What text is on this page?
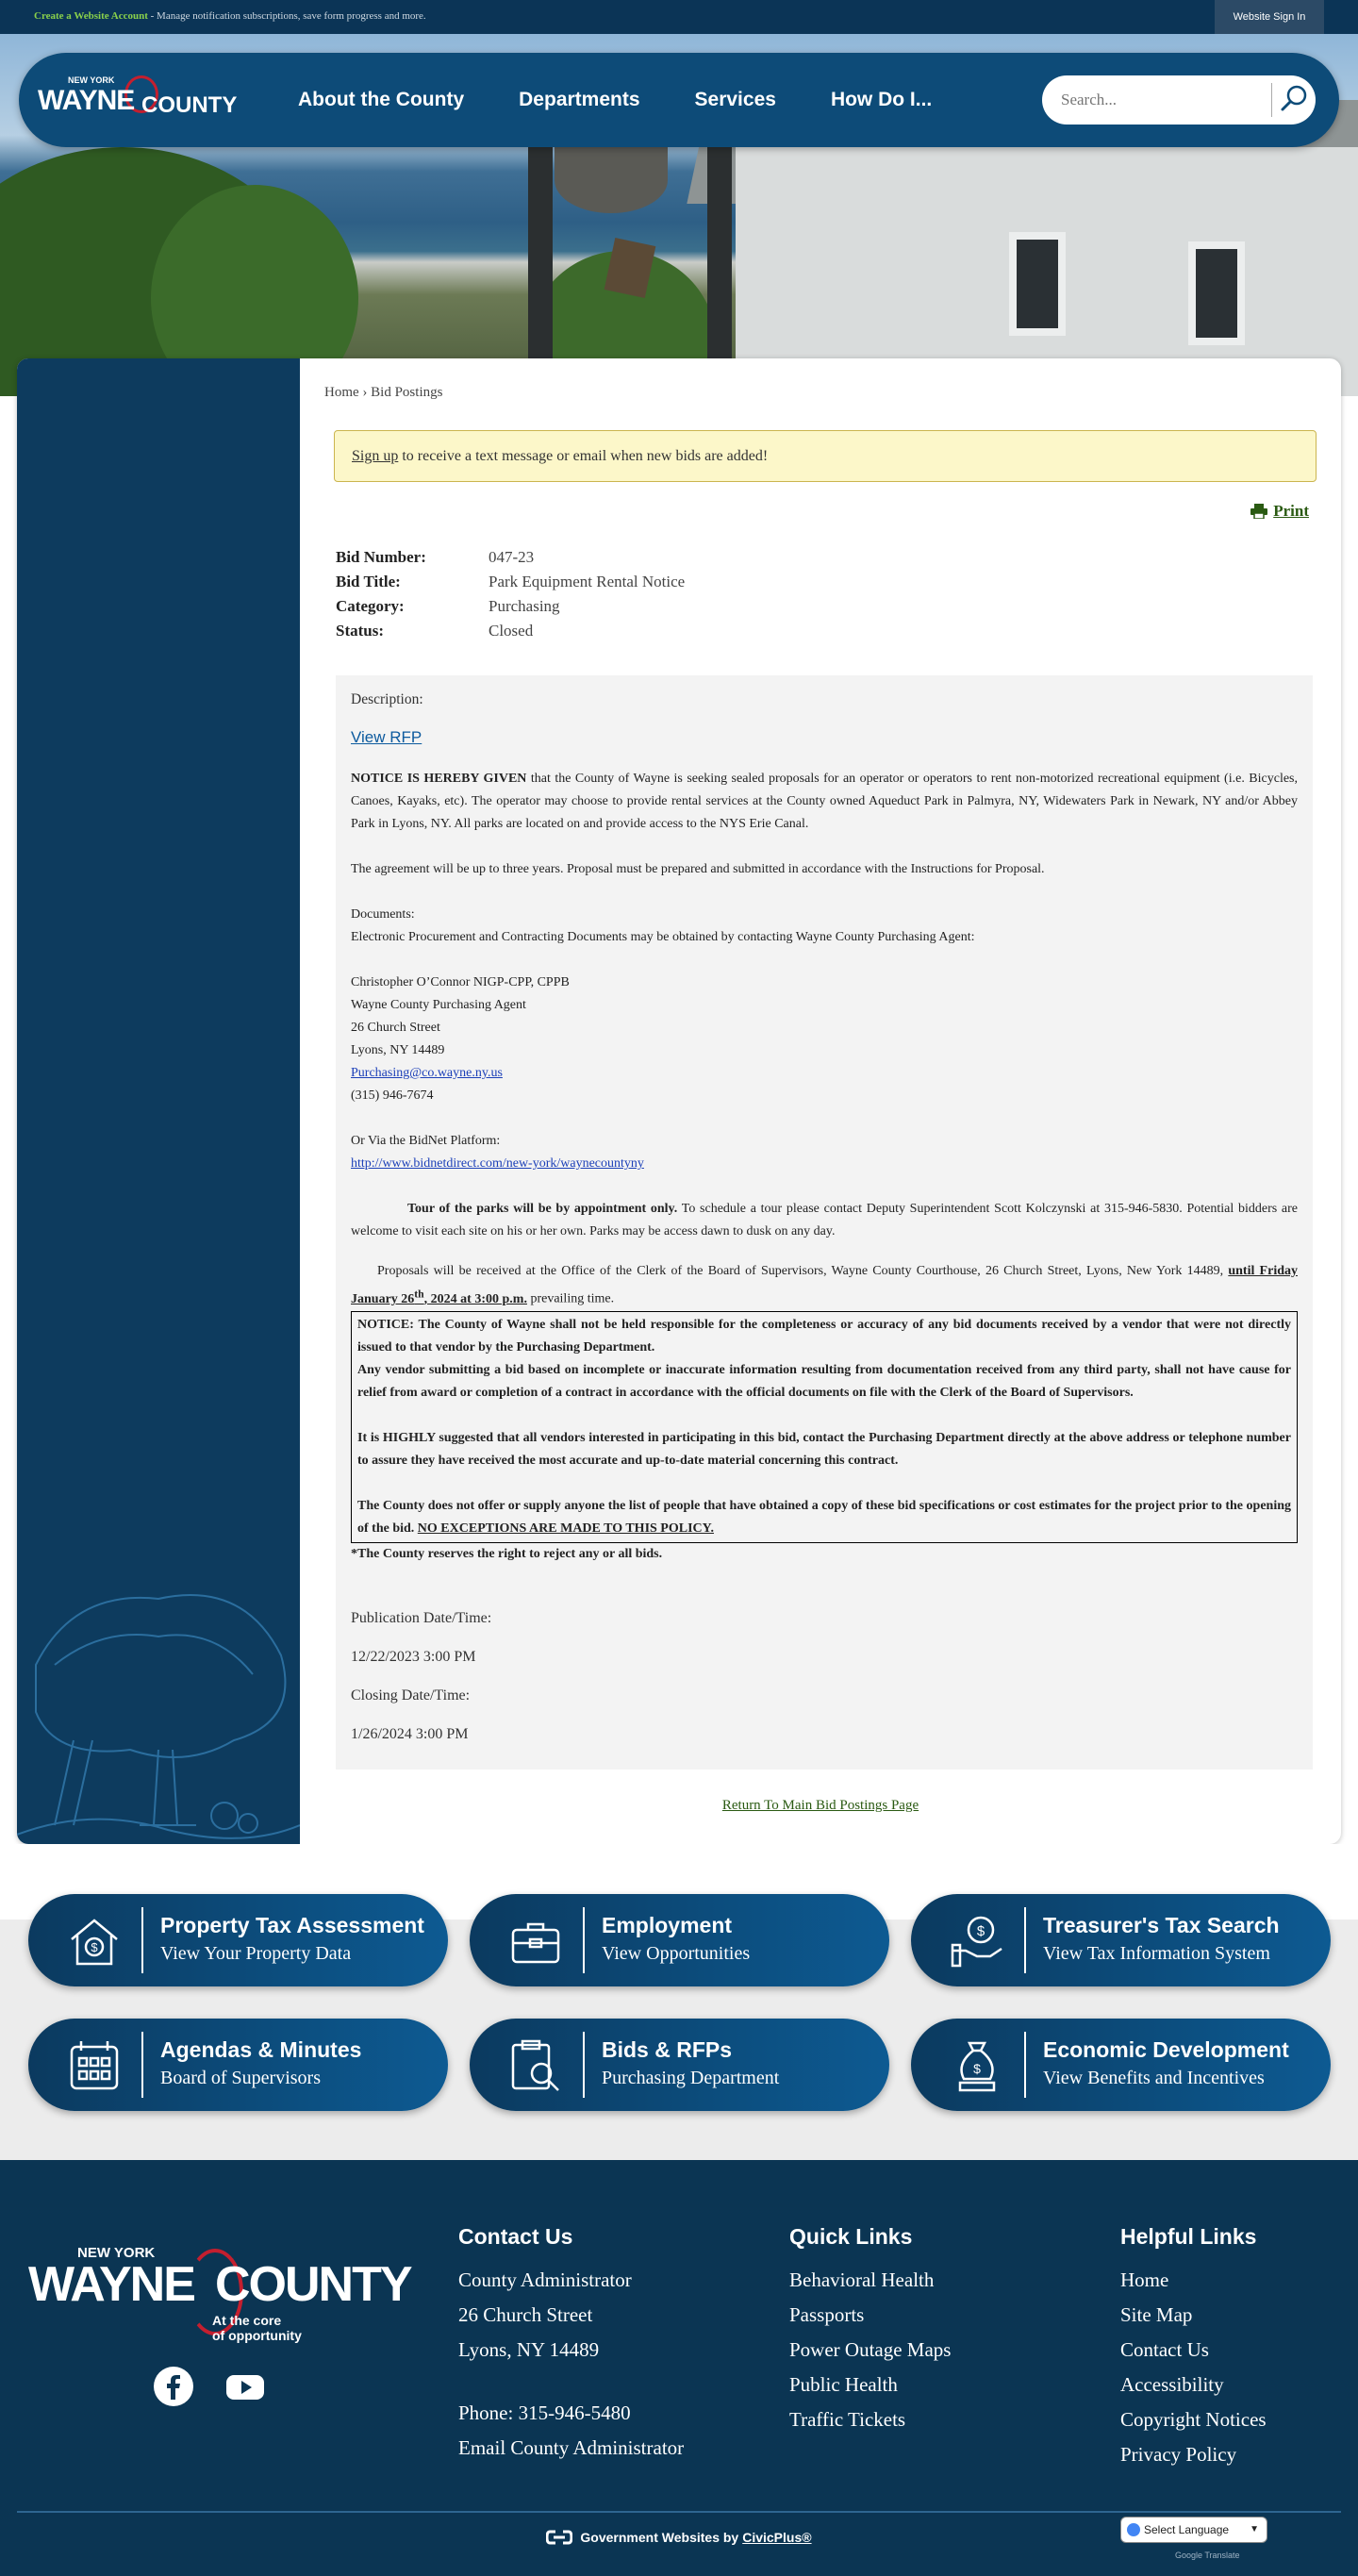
Create a Website Account - Manage notification subscriptions, save form progress and more.	Website Sign In
NEW YORK
WAYNE COUNTY	About the County	Departments	Services	How Do I...
Search...
Home › Bid Postings
Sign up to receive a text message or email when new bids are added!
Print
Bid Number:	047-23
Bid Title:	Park Equipment Rental Notice
Category:	Purchasing
Status:	Closed

Description:

View RFP

NOTICE IS HEREBY GIVEN that the County of Wayne is seeking sealed proposals for an operator or operators to rent non-motorized recreational equipment (i.e. Bicycles, Canoes, Kayaks, etc). The operator may choose to provide rental services at the County owned Aqueduct Park in Palmyra, NY, Widewaters Park in Newark, NY and/or Abbey Park in Lyons, NY. All parks are located on and provide access to the NYS Erie Canal.

The agreement will be up to three years. Proposal must be prepared and submitted in accordance with the Instructions for Proposal.

Documents:

Electronic Procurement and Contracting Documents may be obtained by contacting Wayne County Purchasing Agent:

Christopher O’Connor NIGP-CPP, CPPB

Wayne County Purchasing Agent

26 Church Street

Lyons, NY 14489

Purchasing@co.wayne.ny.us

(315) 946-7674

Or Via the BidNet Platform:

http://www.bidnetdirect.com/new-york/waynecountyny

Tour of the parks will be by appointment only. To schedule a tour please contact Deputy Superintendent Scott Kolczynski at 315-946-5830. Potential bidders are welcome to visit each site on his or her own. Parks may be access dawn to dusk on any day.

Proposals will be received at the Office of the Clerk of the Board of Supervisors, Wayne County Courthouse, 26 Church Street, Lyons, New York 14489, until Friday January 26th, 2024 at 3:00 p.m. prevailing time.

NOTICE: The County of Wayne shall not be held responsible for the completeness or accuracy of any bid documents received by a vendor that were not directly issued to that vendor by the Purchasing Department.

Any vendor submitting a bid based on incomplete or inaccurate information resulting from documentation received from any third party, shall not have cause for relief from award or completion of a contract in accordance with the official documents on file with the Clerk of the Board of Supervisors.

It is HIGHLY suggested that all vendors interested in participating in this bid, contact the Purchasing Department directly at the above address or telephone number to assure they have received the most accurate and up-to-date material concerning this contract.

The County does not offer or supply anyone the list of people that have obtained a copy of these bid specifications or cost estimates for the project prior to the opening of the bid. NO EXCEPTIONS ARE MADE TO THIS POLICY.

*The County reserves the right to reject any or all bids.

Publication Date/Time:

12/22/2023 3:00 PM

Closing Date/Time:

1/26/2024 3:00 PM

Return To Main Bid Postings Page
$
Property Tax Assessment
View Your Property Data
Employment
View Opportunities
$	Treasurer's Tax Search
View Tax Information System
Agendas & Minutes
Board of Supervisors
Bids & RFPs
Purchasing Department	$
Economic Development
View Benefits and Incentives
NEW YORK
WAYNE COUNTY
At the core
of opportunity
Contact Us
County Administrator
26 Church Street
Lyons, NY 14489
Phone: 315-946-5480
Email County Administrator
Quick Links
Behavioral Health
Passports
Power Outage Maps
Public Health
Traffic Tickets
Helpful Links
Home
Site Map
Contact Us
Accessibility
Copyright Notices
Privacy Policy
Government Websites by CivicPlus®	Select Language ▼
Google Translate
